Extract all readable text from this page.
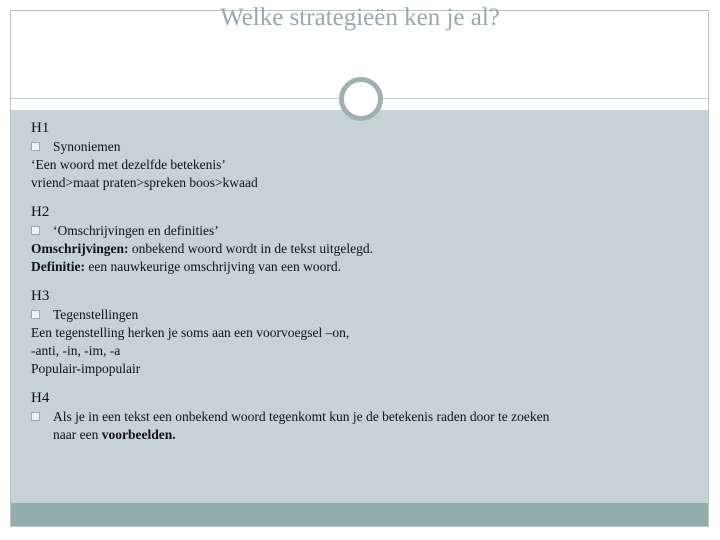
Welke strategieën ken je al?
H1
Synoniemen
‘Een woord met dezelfde betekenis’
vriend>maat praten>spreken boos>kwaad
H2
‘Omschrijvingen en definities’
Omschrijvingen: onbekend woord wordt in de tekst uitgelegd.
Definitie: een nauwkeurige omschrijving van een woord.
H3
Tegenstellingen
Een tegenstelling herken je soms aan een voorvoegsel –on,
-anti, -in, -im, -a
Populair-impopulair
H4
Als je in een tekst een onbekend woord tegenkomt kun je de betekenis raden door te zoeken
naar een voorbeelden.
